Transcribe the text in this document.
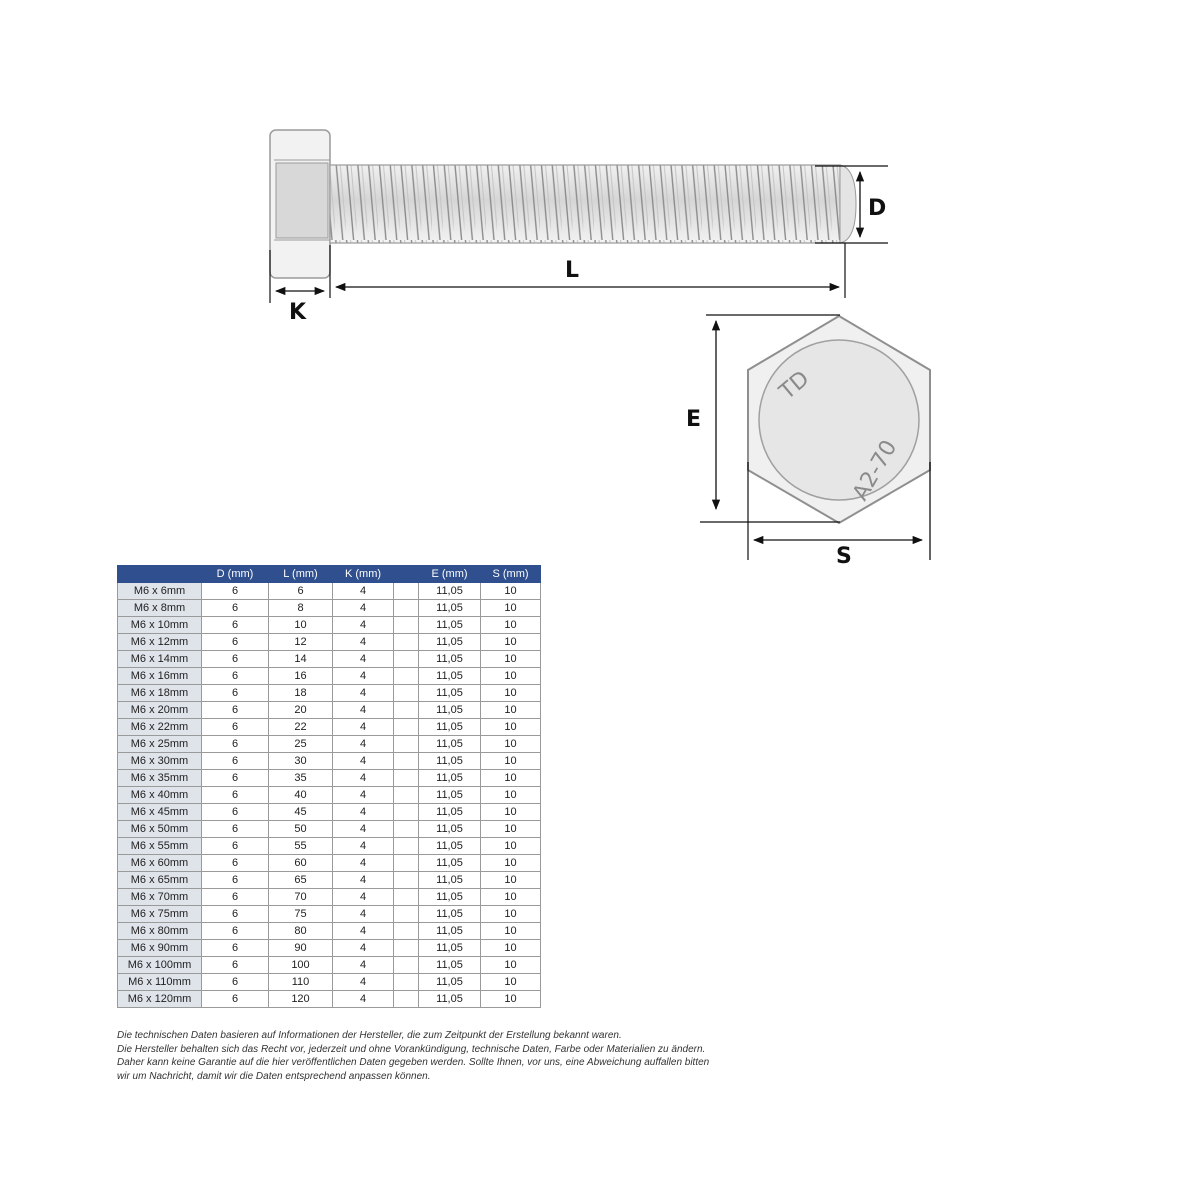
D
L
K
TD
A2-70
E
S
	D (mm)	L (mm)	K (mm)		E (mm)	S (mm)
M6 x 6mm	6	6	4		11,05	10
M6 x 8mm	6	8	4		11,05	10
M6 x 10mm	6	10	4		11,05	10
M6 x 12mm	6	12	4		11,05	10
M6 x 14mm	6	14	4		11,05	10
M6 x 16mm	6	16	4		11,05	10
M6 x 18mm	6	18	4		11,05	10
M6 x 20mm	6	20	4		11,05	10
M6 x 22mm	6	22	4		11,05	10
M6 x 25mm	6	25	4		11,05	10
M6 x 30mm	6	30	4		11,05	10
M6 x 35mm	6	35	4		11,05	10
M6 x 40mm	6	40	4		11,05	10
M6 x 45mm	6	45	4		11,05	10
M6 x 50mm	6	50	4		11,05	10
M6 x 55mm	6	55	4		11,05	10
M6 x 60mm	6	60	4		11,05	10
M6 x 65mm	6	65	4		11,05	10
M6 x 70mm	6	70	4		11,05	10
M6 x 75mm	6	75	4		11,05	10
M6 x 80mm	6	80	4		11,05	10
M6 x 90mm	6	90	4		11,05	10
M6 x 100mm	6	100	4		11,05	10
M6 x 110mm	6	110	4		11,05	10
M6 x 120mm	6	120	4		11,05	10
Die technischen Daten basieren auf Informationen der Hersteller, die zum Zeitpunkt der Erstellung bekannt waren.
Die Hersteller behalten sich das Recht vor, jederzeit und ohne Vorankündigung, technische Daten, Farbe oder Materialien zu ändern.
Daher kann keine Garantie auf die hier veröffentlichen Daten gegeben werden. Sollte Ihnen, vor uns, eine Abweichung auffallen bitten
wir um Nachricht, damit wir die Daten entsprechend anpassen können.
